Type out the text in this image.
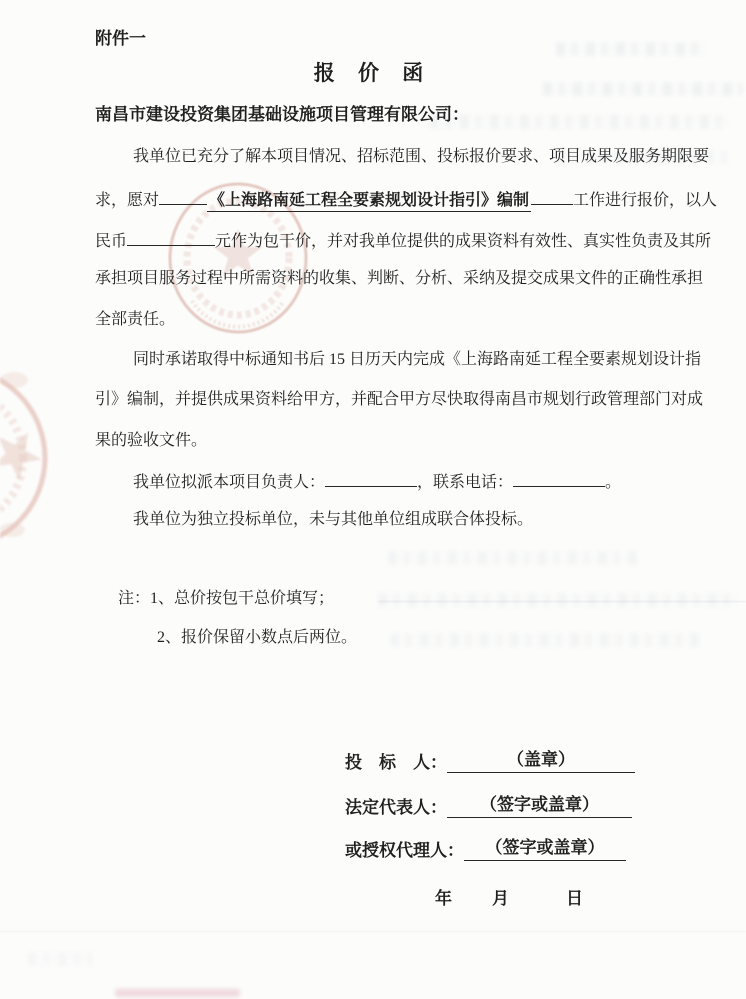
附件一
报 价 函
南昌市建设投资集团基础设施项目管理有限公司：
我单位已充分了解本项目情况、招标范围、投标报价要求、项目成果及服务期限要
求，愿对	《上海路南延工程全要素规划设计指引》编制	工作进行报价，以人
民币	元作为包干价，并对我单位提供的成果资料有效性、真实性负责及其所
承担项目服务过程中所需资料的收集、判断、分析、采纳及提交成果文件的正确性承担
全部责任。
同时承诺取得中标通知书后 15 日历天内完成《上海路南延工程全要素规划设计指
引》编制，并提供成果资料给甲方，并配合甲方尽快取得南昌市规划行政管理部门对成
果的验收文件。
我单位拟派本项目负责人：	，联系电话：	。
我单位为独立投标单位，未与其他单位组成联合体投标。
注：1、总价按包干总价填写；
2、报价保留小数点后两位。
投　标　人：	（盖章）
法定代表人：	（签字或盖章）
或授权代理人：	（签字或盖章）
年 月	日
